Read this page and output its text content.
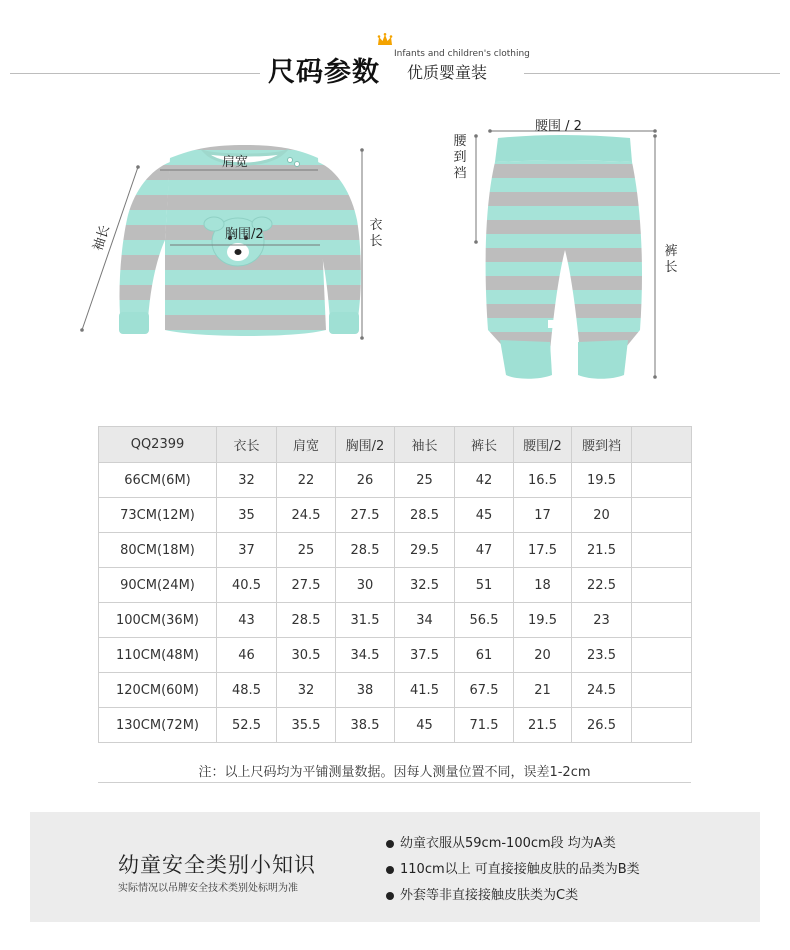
尺码参数
Infants and children's clothing
优质婴童装
肩宽
胸围/2
衣长
袖长
腰围 / 2
腰到裆
裤长
QQ2399	衣长	肩宽	胸围/2	袖长	裤长	腰围/2	腰到裆	
66CM(6M)	32	22	26	25	42	16.5	19.5	
73CM(12M)	35	24.5	27.5	28.5	45	17	20	
80CM(18M)	37	25	28.5	29.5	47	17.5	21.5	
90CM(24M)	40.5	27.5	30	32.5	51	18	22.5	
100CM(36M)	43	28.5	31.5	34	56.5	19.5	23	
110CM(48M)	46	30.5	34.5	37.5	61	20	23.5	
120CM(60M)	48.5	32	38	41.5	67.5	21	24.5	
130CM(72M)	52.5	35.5	38.5	45	71.5	21.5	26.5	
注：以上尺码均为平铺测量数据。因每人测量位置不同，误差1-2cm
幼童安全类别小知识
实际情况以吊牌安全技术类别处标明为准
幼童衣服从59cm-100cm段 均为A类
110cm以上 可直接接触皮肤的品类为B类
外套等非直接接触皮肤类为C类
